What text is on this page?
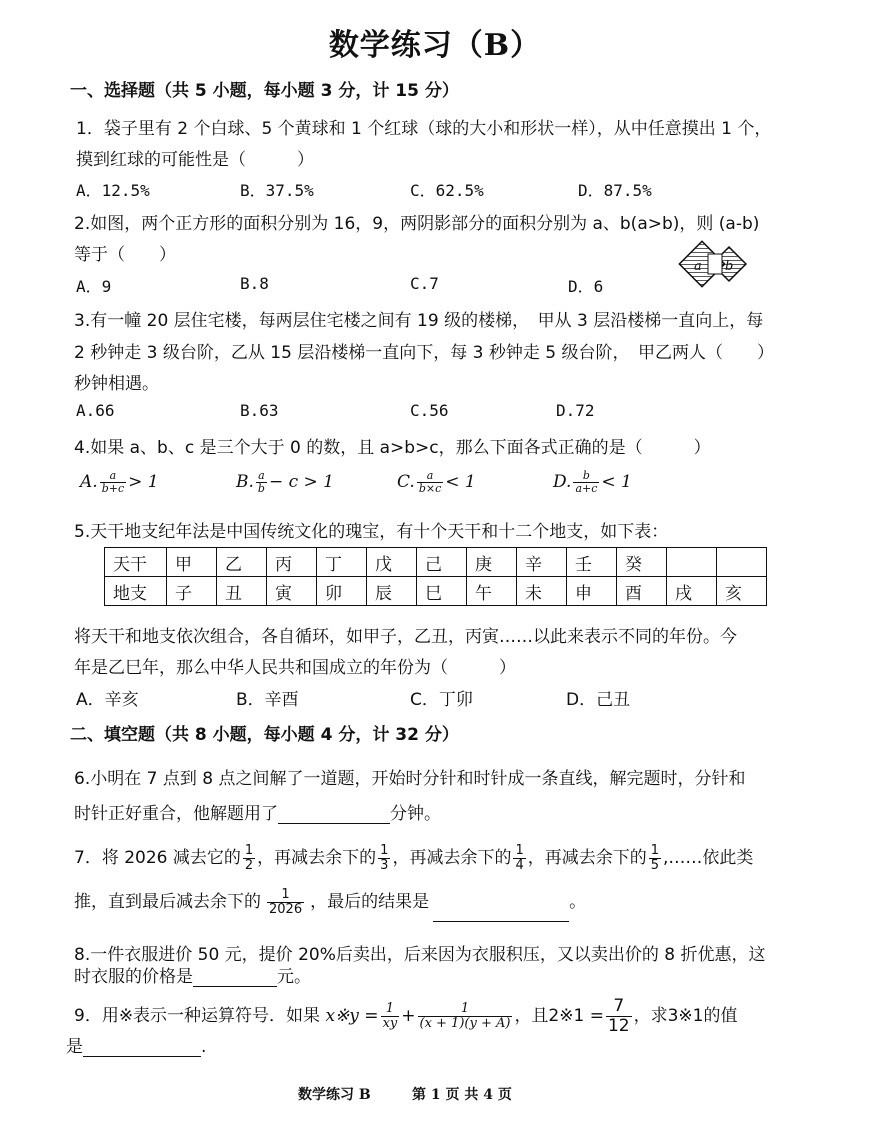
数学练习（B）
一、选择题（共 5 小题，每小题 3 分，计 15 分）
1．袋子里有 2 个白球、5 个黄球和 1 个红球（球的大小和形状一样），从中任意摸出 1 个，
摸到红球的可能性是（　　　）
A．12.5%	B．37.5%	C．62.5%	D．87.5%
2.如图，两个正方形的面积分别为 16，9，两阴影部分的面积分别为 a、b(a>b)，则 (a-b)
等于（　　）
A．9	B.8	C.7	D．6
a b
3.有一幢 20 层住宅楼，每两层住宅楼之间有 19 级的楼梯，　甲从 3 层沿楼梯一直向上，每
2 秒钟走 3 级台阶，乙从 15 层沿楼梯一直向下，每 3 秒钟走 5 级台阶，　甲乙两人（　　）
秒钟相遇。
A.66	B.63	C.56	D.72
4.如果 a、b、c 是三个大于 0 的数，且 a>b>c，那么下面各式正确的是（　　　）
A. $\frac{a}{b+c} > 1$	B. $\frac{a}{b} - c > 1$	C. $\frac{a}{b\times c} < 1$	D. $\frac{b}{a+c} < 1$
5.天干地支纪年法是中国传统文化的瑰宝，有十个天干和十二个地支，如下表：
天干	甲	乙	丙	丁	戊	己	庚	辛	壬	癸		
地支	子	丑	寅	卯	辰	巳	午	未	申	酉	戌	亥
将天干和地支依次组合，各自循环，如甲子，乙丑，丙寅……以此来表示不同的年份。今
年是乙巳年，那么中华人民共和国成立的年份为（　　　）
A．辛亥	B．辛酉	C．丁卯	D．己丑
二、填空题（共 8 小题，每小题 4 分，计 32 分）
6.小明在 7 点到 8 点之间解了一道题，开始时分针和时针成一条直线，解完题时，分针和
时针正好重合，他解题用了	分钟。
7．将 2026 减去它的 $\frac{1}{2}$ ，再减去余下的 $\frac{1}{3}$ ，再减去余下的 $\frac{1}{4}$ ，再减去余下的 $\frac{1}{5}$ ,……依此类
推，直到最后减去余下的 $\frac{1}{2026}$ ，最后的结果是	。
8.一件衣服进价 50 元，提价 20%后卖出，后来因为衣服积压，又以卖出价的 8 折优惠，这
时衣服的价格是	元。
9．用※表示一种运算符号．如果 x※y = $\frac{1}{xy} + \frac{1}{(x + 1)(y + A)}$ ，且2※1 = $\frac{7}{12}$ ，求3※1的值
是	.
数学练习 B	第 1 页 共 4 页
